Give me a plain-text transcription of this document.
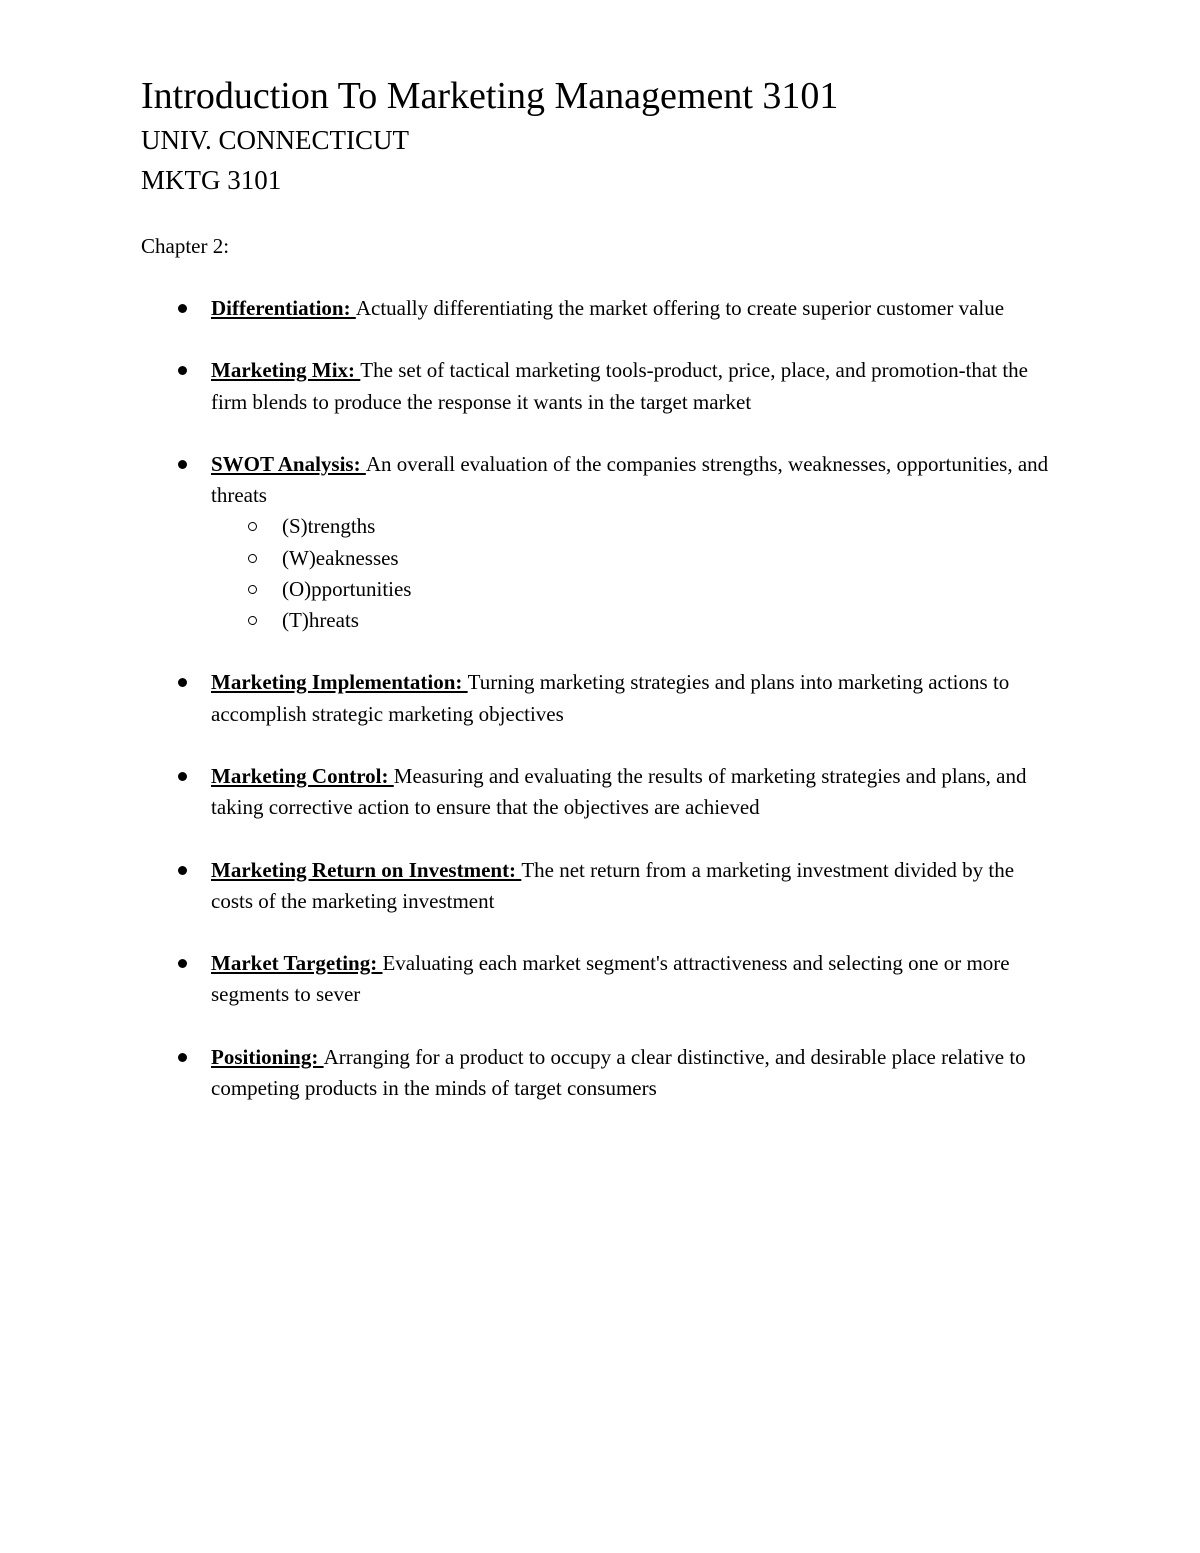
Introduction To Marketing Management 3101
UNIV. CONNECTICUT
MKTG 3101
Chapter 2:
Differentiation: Actually differentiating the market offering to create superior customer value
Marketing Mix: The set of tactical marketing tools-product, price, place, and promotion-that the firm blends to produce the response it wants in the target market
SWOT Analysis: An overall evaluation of the companies strengths, weaknesses, opportunities, and threats
(S)trengths
(W)eaknesses
(O)pportunities
(T)hreats
Marketing Implementation: Turning marketing strategies and plans into marketing actions to accomplish strategic marketing objectives
Marketing Control: Measuring and evaluating the results of marketing strategies and plans, and taking corrective action to ensure that the objectives are achieved
Marketing Return on Investment: The net return from a marketing investment divided by the costs of the marketing investment
Market Targeting: Evaluating each market segment's attractiveness and selecting one or more segments to sever
Positioning: Arranging for a product to occupy a clear distinctive, and desirable place relative to competing products in the minds of target consumers
